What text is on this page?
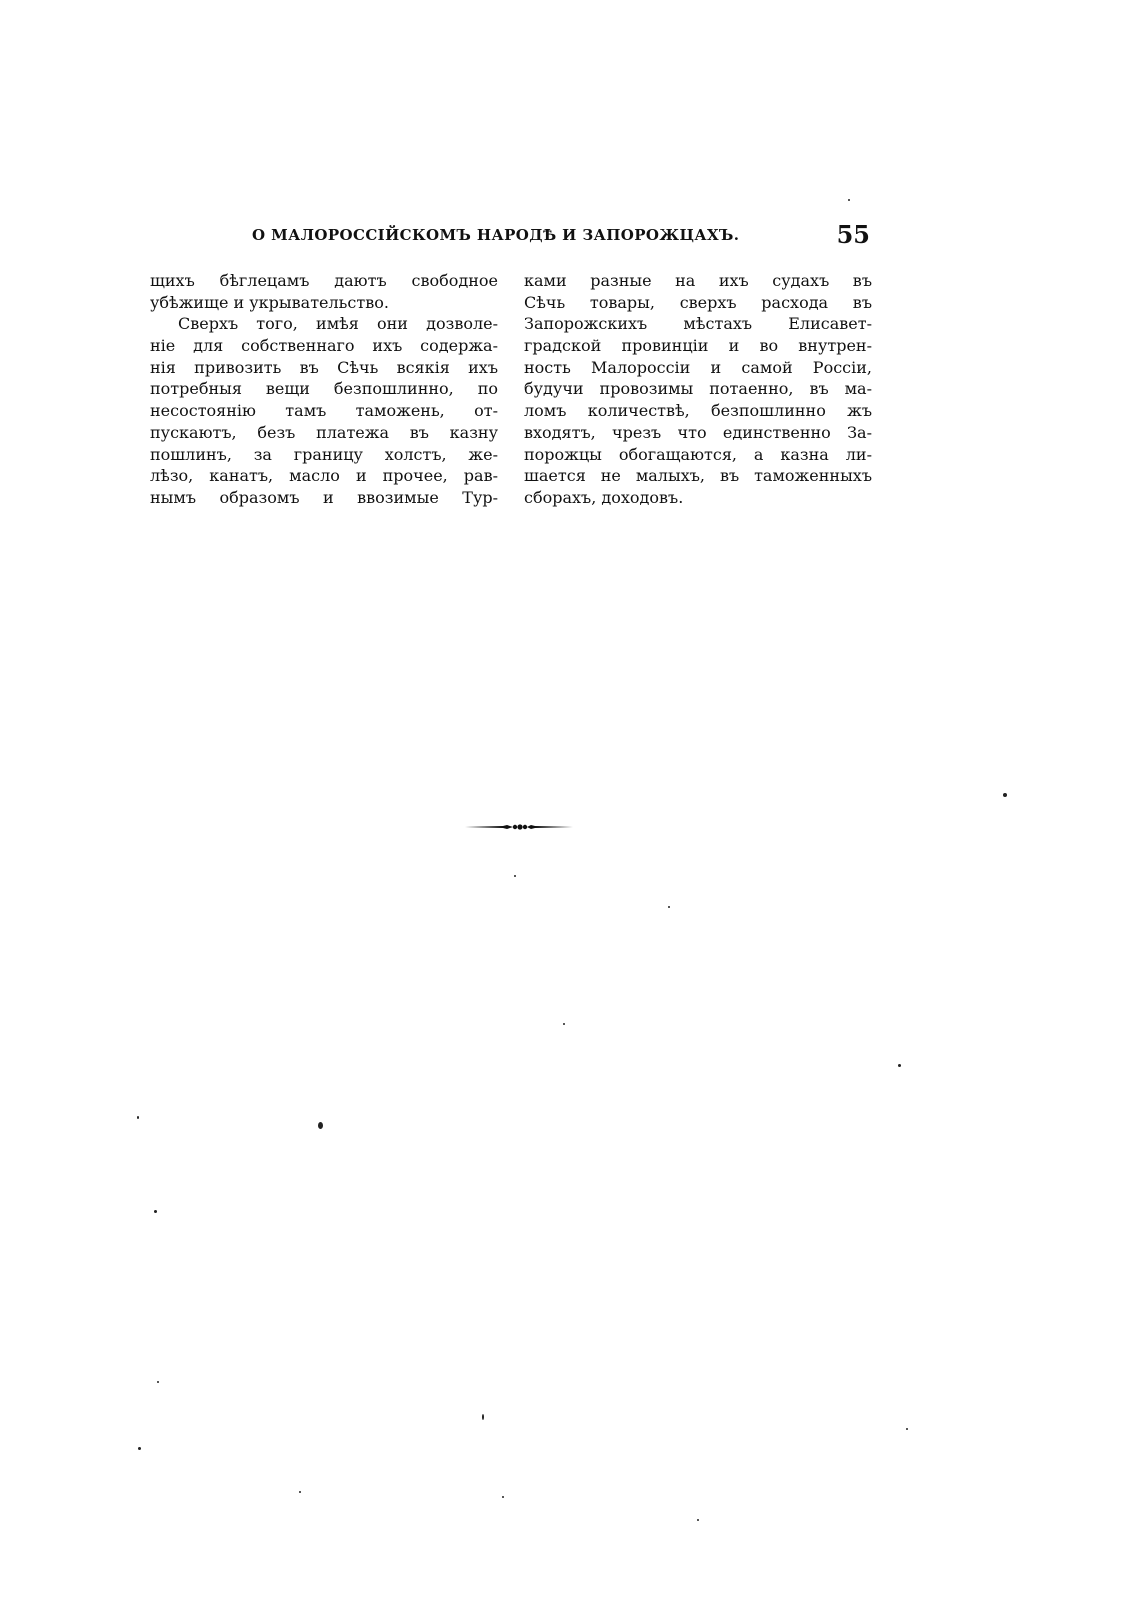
О МАЛОРОССІЙСКОМЪ НАРОДѢ И ЗАПОРОЖЦАХЪ.	55
щихъ бѣглецамъ даютъ свободное
убѣжище и укрывательство.
Сверхъ того, имѣя они дозволе-
ніе для собственнаго ихъ содержа-
нія привозить въ Сѣчь всякія ихъ
потребныя вещи безпошлинно, по
несостоянію тамъ таможень, от-
пускаютъ, безъ платежа въ казну
пошлинъ, за границу холстъ, же-
лѣзо, канатъ, масло и прочее, рав-
нымъ образомъ и ввозимые Тур-
ками разные на ихъ судахъ въ
Сѣчь товары, сверхъ расхода въ
Запорожскихъ мѣстахъ Елисавет-
градской провинціи и во внутрен-
ность Малороссіи и самой Россіи,
будучи провозимы потаенно, въ ма-
ломъ количествѣ, безпошлинно жъ
входятъ, чрезъ что единственно За-
порожцы обогащаются, а казна ли-
шается не малыхъ, въ таможенныхъ
сборахъ, доходовъ.
